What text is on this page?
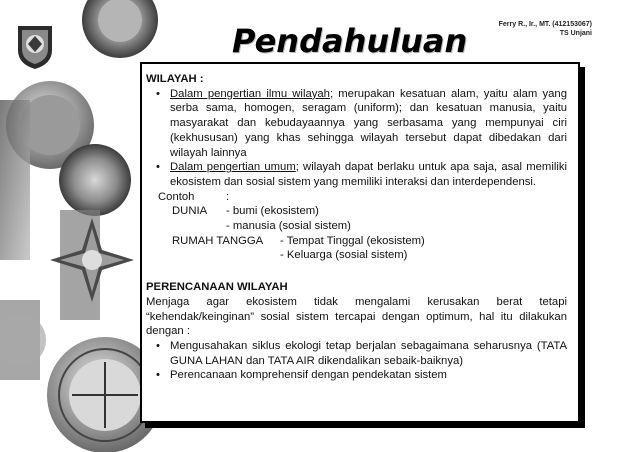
Pendahuluan	Ferry R., Ir., MT. (412153067)
TS Unjani
WILAYAH :
• Dalam pengertian ilmu wilayah; merupakan kesatuan alam, yaitu alam yang serba sama, homogen, seragam (uniform); dan kesatuan manusia, yaitu masyarakat dan kebudayaannya yang serbasama yang mempunyai ciri (kekhususan) yang khas sehingga wilayah tersebut dapat dibedakan dari wilayah lainnya
• Dalam pengertian umum; wilayah dapat berlaku untuk apa saja, asal memiliki ekosistem dan sosial sistem yang memiliki interaksi dan interdependensi.
Contoh	:
DUNIA	- bumi (ekosistem)
- manusia (sosial sistem)
RUMAH TANGGA	- Tempat Tinggal (ekosistem)
- Keluarga (sosial sistem)
PERENCANAAN WILAYAH
Menjaga agar ekosistem tidak mengalami kerusakan berat tetapi “kehendak/keinginan” sosial sistem tercapai dengan optimum, hal itu dilakukan dengan :
• Mengusahakan siklus ekologi tetap berjalan sebagaimana seharusnya (TATA GUNA LAHAN dan TATA AIR dikendalikan sebaik-baiknya)
• Perencanaan komprehensif dengan pendekatan sistem
